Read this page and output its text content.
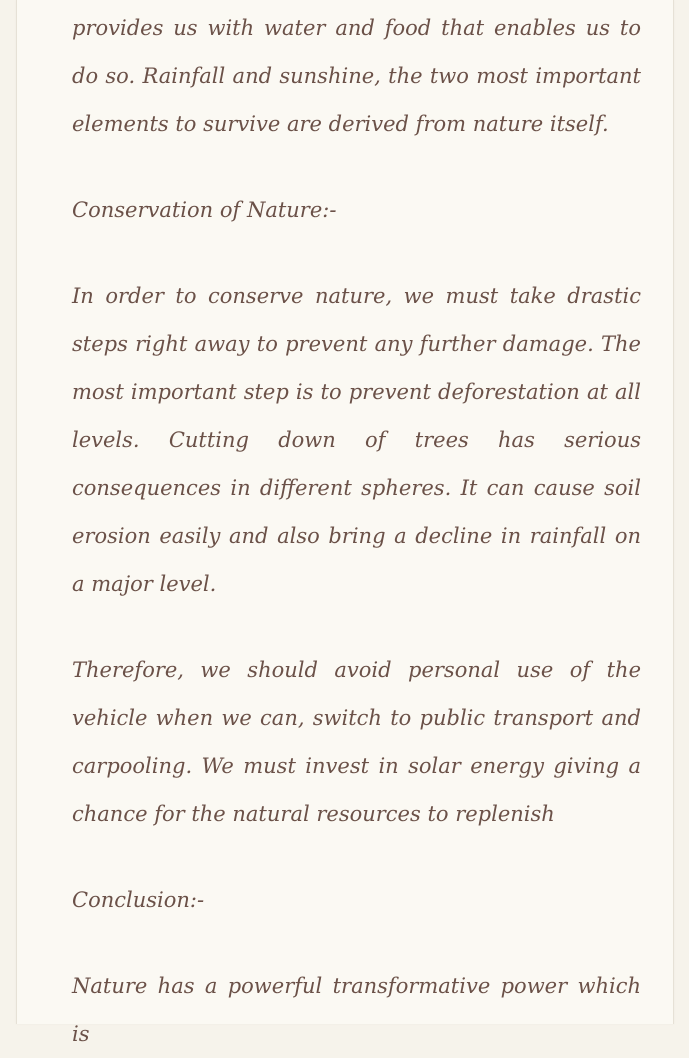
provides us with water and food that enables us to do so. Rainfall and sunshine, the two most important elements to survive are derived from nature itself.

Conservation of Nature:-

In order to conserve nature, we must take drastic steps right away to prevent any further damage. The most important step is to prevent deforestation at all levels. Cutting down of trees has serious consequences in different spheres. It can cause soil erosion easily and also bring a decline in rainfall on a major level.

Therefore, we should avoid personal use of the vehicle when we can, switch to public transport and carpooling. We must invest in solar energy giving a chance for the natural resources to replenish

Conclusion:-

Nature has a powerful transformative power which is
